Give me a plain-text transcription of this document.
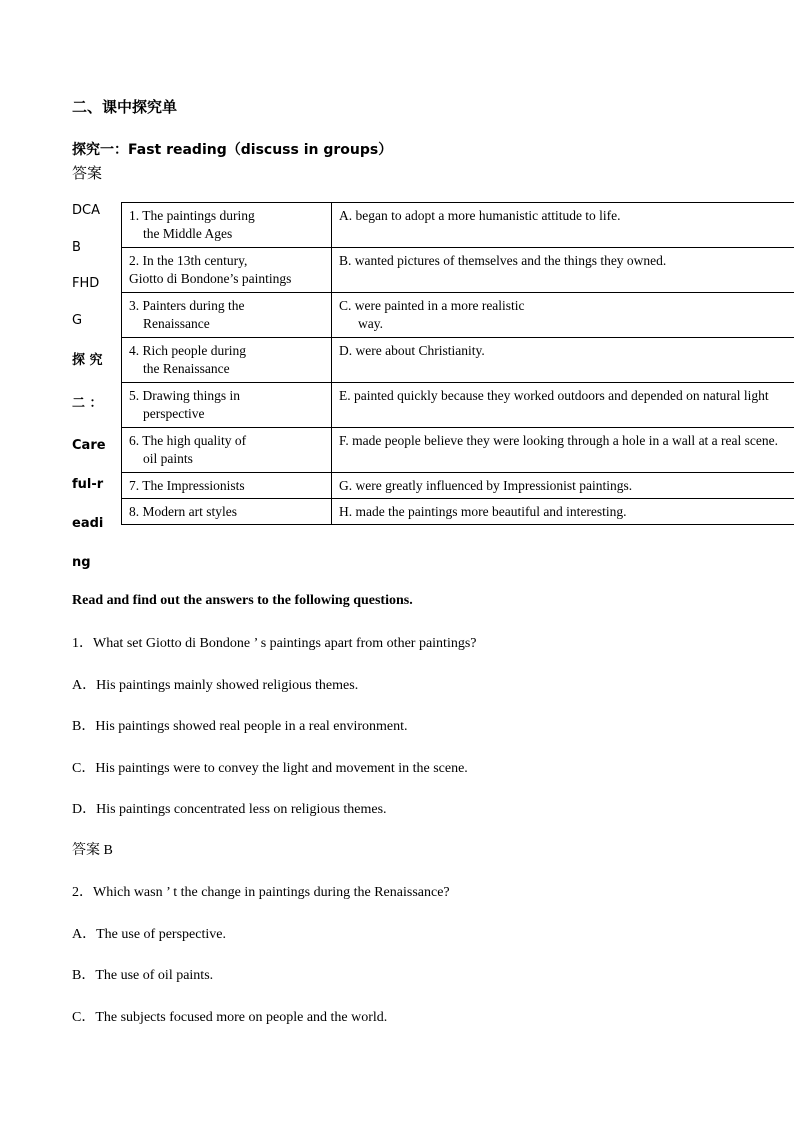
二、课中探究单
探究一：Fast reading（discuss in groups）
答案
DCA
B
FHD
G
探 究
二 ：
Care
ful-r
eadi
ng
1. The paintings during
the Middle Ages	A. began to adopt a more humanistic attitude to life.
2. In the 13th century,
Giotto di Bondone’s paintings	B. wanted pictures of themselves and the things they owned.
3. Painters during the
Renaissance	C. were painted in a more realistic
way.

4. Rich people during
the Renaissance	D. were about Christianity.
5. Drawing things in
perspective	E. painted quickly because they worked outdoors and depended on natural light
6. The high quality of
oil paints	F. made people believe they were looking through a hole in a wall at a real scene.
7. The Impressionists	G. were greatly influenced by Impressionist paintings.
8. Modern art styles	H. made the paintings more beautiful and interesting.
Read and find out the answers to the following questions.
1．What set Giotto di Bondone ’ s paintings apart from other paintings?
A．His paintings mainly showed religious themes.
B．His paintings showed real people in a real environment.
C．His paintings were to convey the light and movement in the scene.
D．His paintings concentrated less on religious themes.
答案 B
2．Which wasn ’ t the change in paintings during the Renaissance?
A．The use of perspective.
B．The use of oil paints.
C．The subjects focused more on people and the world.
